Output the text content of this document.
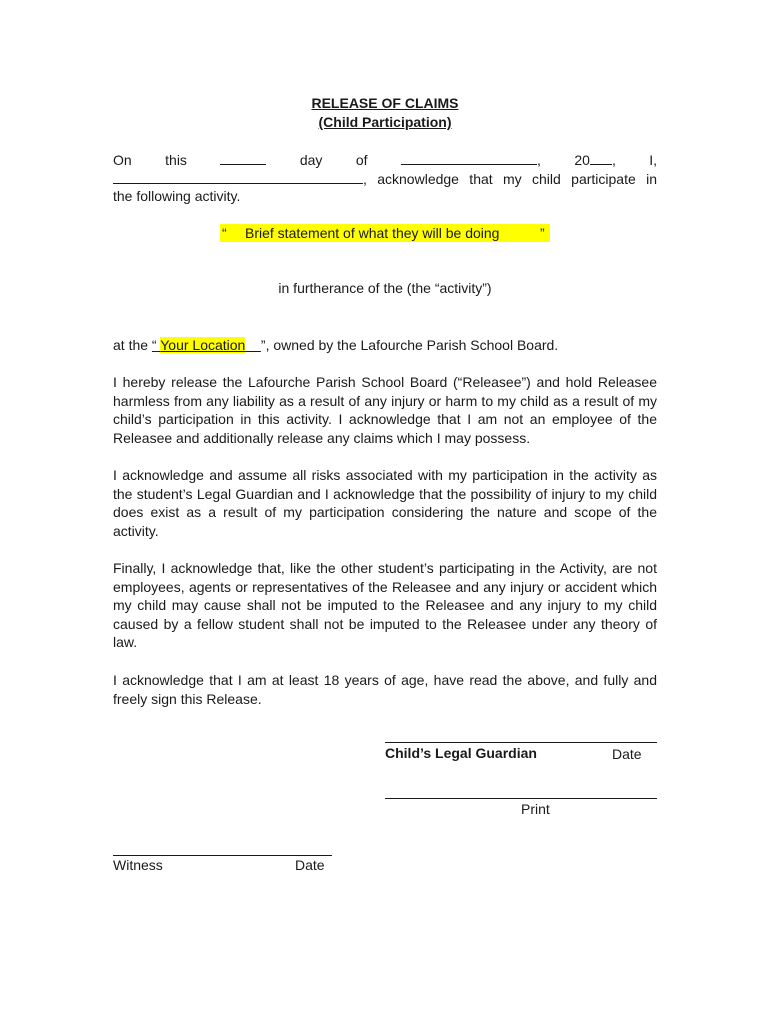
RELEASE OF CLAIMS
(Child Participation)
On this	day of	, 20 , I,
, acknowledge that my child participate in
the following activity.
“ Brief statement of what they will be doing	”
in furtherance of the (the “activity”)
at the “ Your Location ”, owned by the Lafourche Parish School Board.
I hereby release the Lafourche Parish School Board (“Releasee”) and hold Releasee harmless from any liability as a result of any injury or harm to my child as a result of my child’s participation in this activity. I acknowledge that I am not an employee of the Releasee and additionally release any claims which I may possess.
I acknowledge and assume all risks associated with my participation in the activity as the student’s Legal Guardian and I acknowledge that the possibility of injury to my child does exist as a result of my participation considering the nature and scope of the activity.
Finally, I acknowledge that, like the other student’s participating in the Activity, are not employees, agents or representatives of the Releasee and any injury or accident which my child may cause shall not be imputed to the Releasee and any injury to my child caused by a fellow student shall not be imputed to the Releasee under any theory of law.
I acknowledge that I am at least 18 years of age, have read the above, and fully and freely sign this Release.
Child’s Legal Guardian	Date
Print
Witness	Date
